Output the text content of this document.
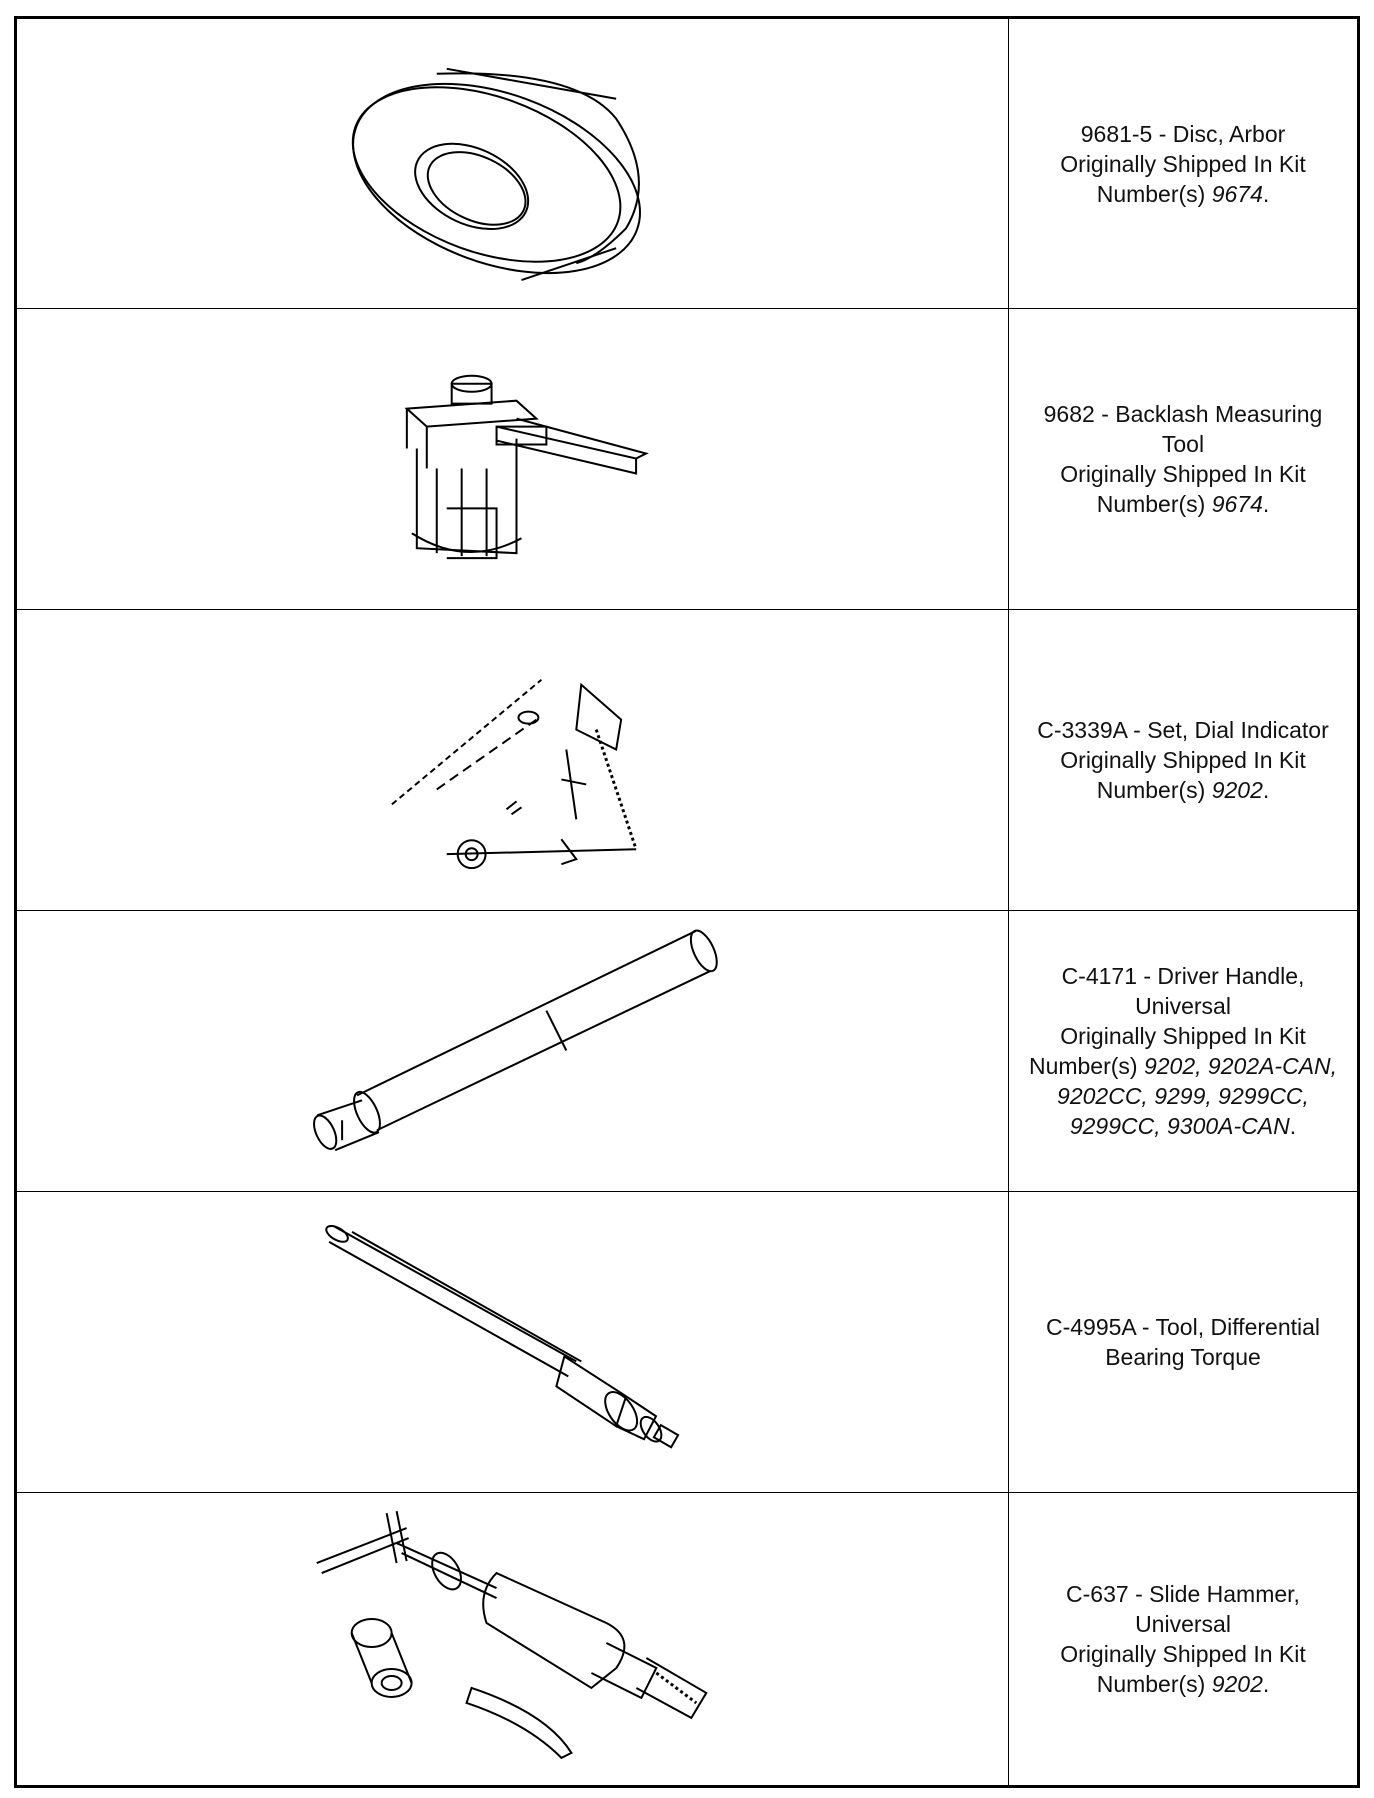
9681-5 - Disc, Arbor
Originally Shipped In Kit
Number(s) 9674.
9682 - Backlash Measuring
Tool
Originally Shipped In Kit
Number(s) 9674.
C-3339A - Set, Dial Indicator
Originally Shipped In Kit
Number(s) 9202.
C-4171 - Driver Handle,
Universal
Originally Shipped In Kit
Number(s) 9202, 9202A-CAN,
9202CC, 9299, 9299CC,
9299CC, 9300A-CAN.
C-4995A - Tool, Differential
Bearing Torque
C-637 - Slide Hammer,
Universal
Originally Shipped In Kit
Number(s) 9202.
